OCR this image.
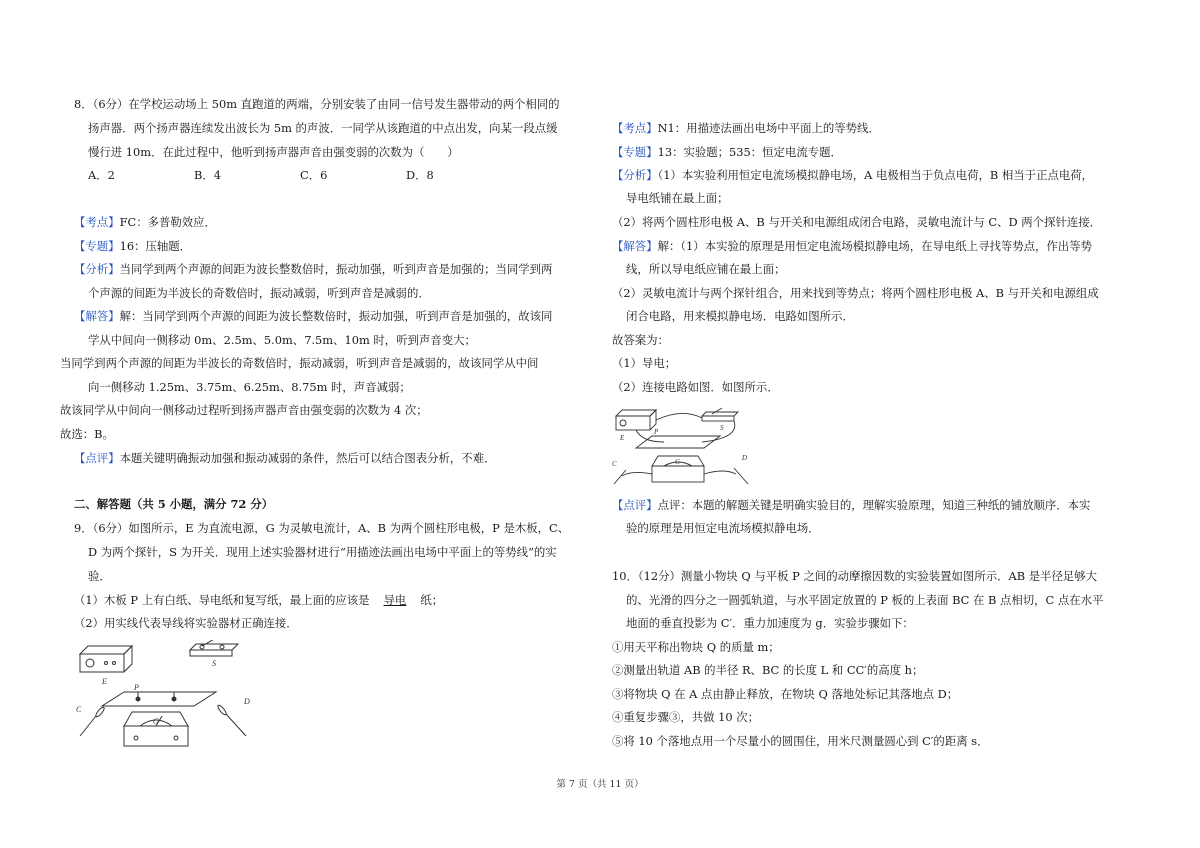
8．（6分）在学校运动场上 50m 直跑道的两端，分别安装了由同一信号发生器带动的两个相同的
扬声器．两个扬声器连续发出波长为 5m 的声波．一同学从该跑道的中点出发，向某一段点缓
慢行进 10m．在此过程中，他听到扬声器声音由强变弱的次数为（　　）
A．2	B．4	C．6	D．8
【考点】FC：多普勒效应．
【专题】16：压轴题．
【分析】当同学到两个声源的间距为波长整数倍时，振动加强，听到声音是加强的；当同学到两
个声源的间距为半波长的奇数倍时，振动减弱，听到声音是减弱的．
【解答】解：当同学到两个声源的间距为波长整数倍时，振动加强，听到声音是加强的，故该同
学从中间向一侧移动 0m、2.5m、5.0m、7.5m、10m 时，听到声音变大；
当同学到两个声源的间距为半波长的奇数倍时，振动减弱，听到声音是减弱的，故该同学从中间
向一侧移动 1.25m、3.75m、6.25m、8.75m 时，声音减弱；
故该同学从中间向一侧移动过程听到扬声器声音由强变弱的次数为 4 次；
故选：B。
【点评】本题关键明确振动加强和振动减弱的条件，然后可以结合图表分析，不难．
二、解答题（共 5 小题，满分 72 分）
9．（6分）如图所示，E 为直流电源，G 为灵敏电流计，A、B 为两个圆柱形电极，P 是木板，C、
D 为两个探针，S 为开关．现用上述实验器材进行“用描迹法画出电场中平面上的等势线”的实
验．
（1）木板 P 上有白纸、导电纸和复写纸，最上面的应该是 导电 纸；
（2）用实线代表导线将实验器材正确连接．
E
P
S
C
D
G
【考点】N1：用描迹法画出电场中平面上的等势线．
【专题】13：实验题；535：恒定电流专题．
【分析】（1）本实验利用恒定电流场模拟静电场，A 电极相当于负点电荷，B 相当于正点电荷，
导电纸铺在最上面；
（2）将两个圆柱形电极 A、B 与开关和电源组成闭合电路，灵敏电流计与 C、D 两个探针连接．
【解答】解：（1）本实验的原理是用恒定电流场模拟静电场，在导电纸上寻找等势点，作出等势
线，所以导电纸应铺在最上面；
（2）灵敏电流计与两个探针组合，用来找到等势点；将两个圆柱形电极 A、B 与开关和电源组成
闭合电路，用来模拟静电场．电路如图所示．
故答案为：
（1）导电；
（2）连接电路如图．如图所示．
E
P	S
C
D
G
【点评】点评：本题的解题关键是明确实验目的，理解实验原理，知道三种纸的铺放顺序．本实
验的原理是用恒定电流场模拟静电场．
10．（12分）测量小物块 Q 与平板 P 之间的动摩擦因数的实验装置如图所示．AB 是半径足够大
的、光滑的四分之一圆弧轨道，与水平固定放置的 P 板的上表面 BC 在 B 点相切，C 点在水平
地面的垂直投影为 C′．重力加速度为 g．实验步骤如下：
①用天平称出物块 Q 的质量 m；
②测量出轨道 AB 的半径 R、BC 的长度 L 和 CC′的高度 h；
③将物块 Q 在 A 点由静止释放，在物块 Q 落地处标记其落地点 D；
④重复步骤③，共做 10 次；
⑤将 10 个落地点用一个尽量小的圆围住，用米尺测量圆心到 C′的距离 s．
第 7 页（共 11 页）
